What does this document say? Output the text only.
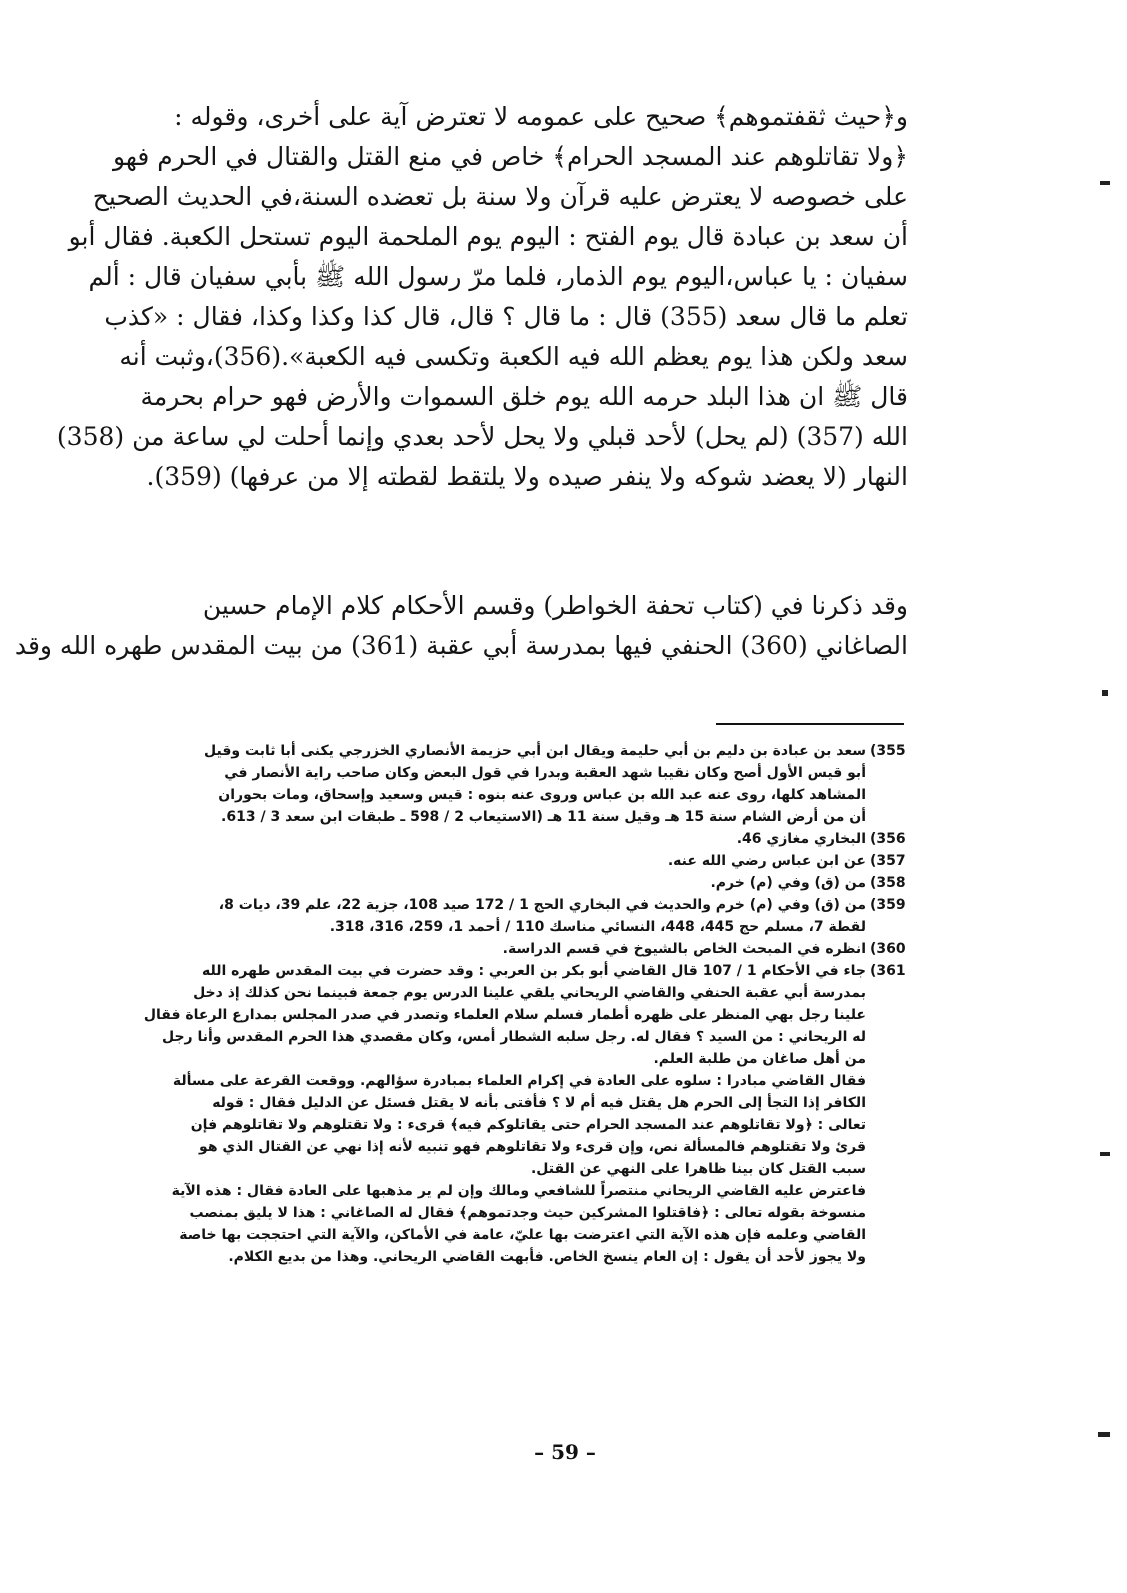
و﴿حيث ثقفتموهم﴾ صحيح على عمومه لا تعترض آية على أخرى، وقوله :
﴿ولا تقاتلوهم عند المسجد الحرام﴾ خاص في منع القتل والقتال في الحرم فهو
على خصوصه لا يعترض عليه قرآن ولا سنة بل تعضده السنة،في الحديث الصحيح
أن سعد بن عبادة قال يوم الفتح : اليوم يوم الملحمة اليوم تستحل الكعبة. فقال أبو
سفيان : يا عباس،اليوم يوم الذمار، فلما مرّ رسول الله ﷺ بأبي سفيان قال : ألم
تعلم ما قال سعد (355) قال : ما قال ؟ قال، قال كذا وكذا وكذا، فقال : «كذب
سعد ولكن هذا يوم يعظم الله فيه الكعبة وتكسى فيه الكعبة».(356)،وثبت أنه
قال ﷺ ان هذا البلد حرمه الله يوم خلق السموات والأرض فهو حرام بحرمة
الله (357) (لم يحل) لأحد قبلي ولا يحل لأحد بعدي وإنما أحلت لي ساعة من (358)
النهار (لا يعضد شوكه ولا ينفر صيده ولا يلتقط لقطته إلا من عرفها) (359).
وقد ذكرنا في (كتاب تحفة الخواطر) وقسم الأحكام كلام الإمام حسين
الصاغاني (360) الحنفي فيها بمدرسة أبي عقبة (361) من بيت المقدس طهره الله وقد
(355
سعد بن عبادة بن دليم بن أبي حليمة ويقال ابن أبي حزيمة الأنصاري الخزرجي يكنى أبا ثابت وقيل
أبو قيس الأول أصح وكان نقيبا شهد العقبة وبدرا في قول البعض وكان صاحب راية الأنصار في
المشاهد كلها، روى عنه عبد الله بن عباس وروى عنه بنوه : قيس وسعيد وإسحاق، ومات بحوران
أن من أرض الشام سنة 15 هـ وقيل سنة 11 هـ (الاستيعاب 2 / 598 ـ طبقات ابن سعد 3 / 613.
(356
البخاري مغازي 46.
(357
عن ابن عباس رضي الله عنه.
(358
من (ق) وفي (م) خرم.
(359
من (ق) وفي (م) خرم والحديث في البخاري الحج 1 / 172 صيد 108، جزية 22، علم 39، ديات 8،
لقطة 7، مسلم حج 445، 448، النسائي مناسك 110 / أحمد 1، 259، 316، 318.
(360
انظره في المبحث الخاص بالشيوخ في قسم الدراسة.
(361
جاء في الأحكام 1 / 107 قال القاضي أبو بكر بن العربي : وقد حضرت في بيت المقدس طهره الله
بمدرسة أبي عقبة الحنفي والقاضي الريحاني يلقي علينا الدرس يوم جمعة فبينما نحن كذلك إذ دخل
علينا رجل بهي المنظر على ظهره أطمار فسلم سلام العلماء وتصدر في صدر المجلس بمدارع الرعاة فقال
له الريحاني : من السيد ؟ فقال له. رجل سلبه الشطار أمس، وكان مقصدي هذا الحرم المقدس وأنا رجل
من أهل صاغان من طلبة العلم.
فقال القاضي مبادرا : سلوه على العادة في إكرام العلماء بمبادرة سؤالهم. ووقعت القرعة على مسألة
الكافر إذا التجأ إلى الحرم هل يقتل فيه أم لا ؟ فأفتى بأنه لا يقتل فسئل عن الدليل فقال : قوله
تعالى : ﴿ولا تقاتلوهم عند المسجد الحرام حتى يقاتلوكم فيه﴾ قرىء : ولا تقتلوهم ولا تقاتلوهم فإن
قرئ ولا تقتلوهم فالمسألة نص، وإن قرىء ولا تقاتلوهم فهو تنبيه لأنه إذا نهي عن القتال الذي هو
سبب القتل كان بينا ظاهرا على النهي عن القتل.
فاعترض عليه القاضي الريحاني منتصراً للشافعي ومالك وإن لم ير مذهبها على العادة فقال : هذه الآية
منسوخة بقوله تعالى : ﴿فاقتلوا المشركين حيث وجدتموهم﴾ فقال له الصاغاني : هذا لا يليق بمنصب
القاضي وعلمه فإن هذه الآية التي اعترضت بها عليّ، عامة في الأماكن، والآية التي احتججت بها خاصة
ولا يجوز لأحد أن يقول : إن العام ينسخ الخاص. فأبهت القاضي الريحاني. وهذا من بديع الكلام.
– 59 –
